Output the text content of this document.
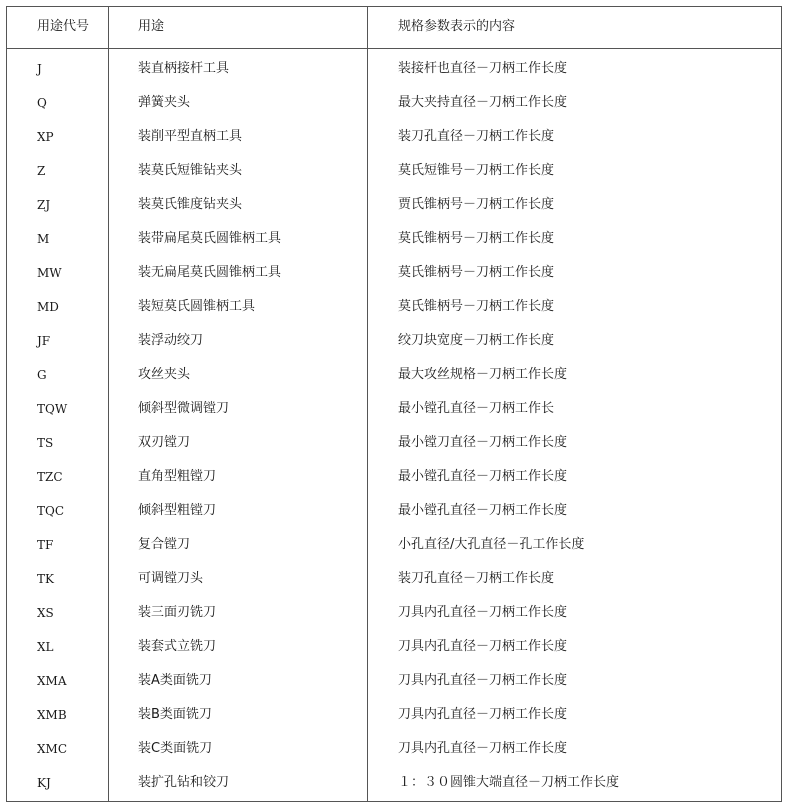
用途代号	用途	规格参数表示的内容
J	装直柄接杆工具	装接杆也直径－刀柄工作长度
Q	弹簧夹头	最大夹持直径－刀柄工作长度
XP	装削平型直柄工具	装刀孔直径－刀柄工作长度
Z	装莫氏短锥钻夹头	莫氏短锥号－刀柄工作长度
ZJ	装莫氏锥度钻夹头	贾氏锥柄号－刀柄工作长度
M	装带扁尾莫氏圆锥柄工具	莫氏锥柄号－刀柄工作长度
MW	装无扁尾莫氏圆锥柄工具	莫氏锥柄号－刀柄工作长度
MD	装短莫氏圆锥柄工具	莫氏锥柄号－刀柄工作长度
JF	装浮动绞刀	绞刀块宽度－刀柄工作长度
G	攻丝夹头	最大攻丝规格－刀柄工作长度
TQW	倾斜型微调镗刀	最小镗孔直径－刀柄工作长
TS	双刃镗刀	最小镗刀直径－刀柄工作长度
TZC	直角型粗镗刀	最小镗孔直径－刀柄工作长度
TQC	倾斜型粗镗刀	最小镗孔直径－刀柄工作长度
TF	复合镗刀	小孔直径/大孔直径－孔工作长度
TK	可调镗刀头	装刀孔直径－刀柄工作长度
XS	装三面刃铣刀	刀具内孔直径－刀柄工作长度
XL	装套式立铣刀	刀具内孔直径－刀柄工作长度
XMA	装A类面铣刀	刀具内孔直径－刀柄工作长度
XMB	装B类面铣刀	刀具内孔直径－刀柄工作长度
XMC	装C类面铣刀	刀具内孔直径－刀柄工作长度
KJ	装扩孔钻和铰刀	１：３０圆锥大端直径－刀柄工作长度
